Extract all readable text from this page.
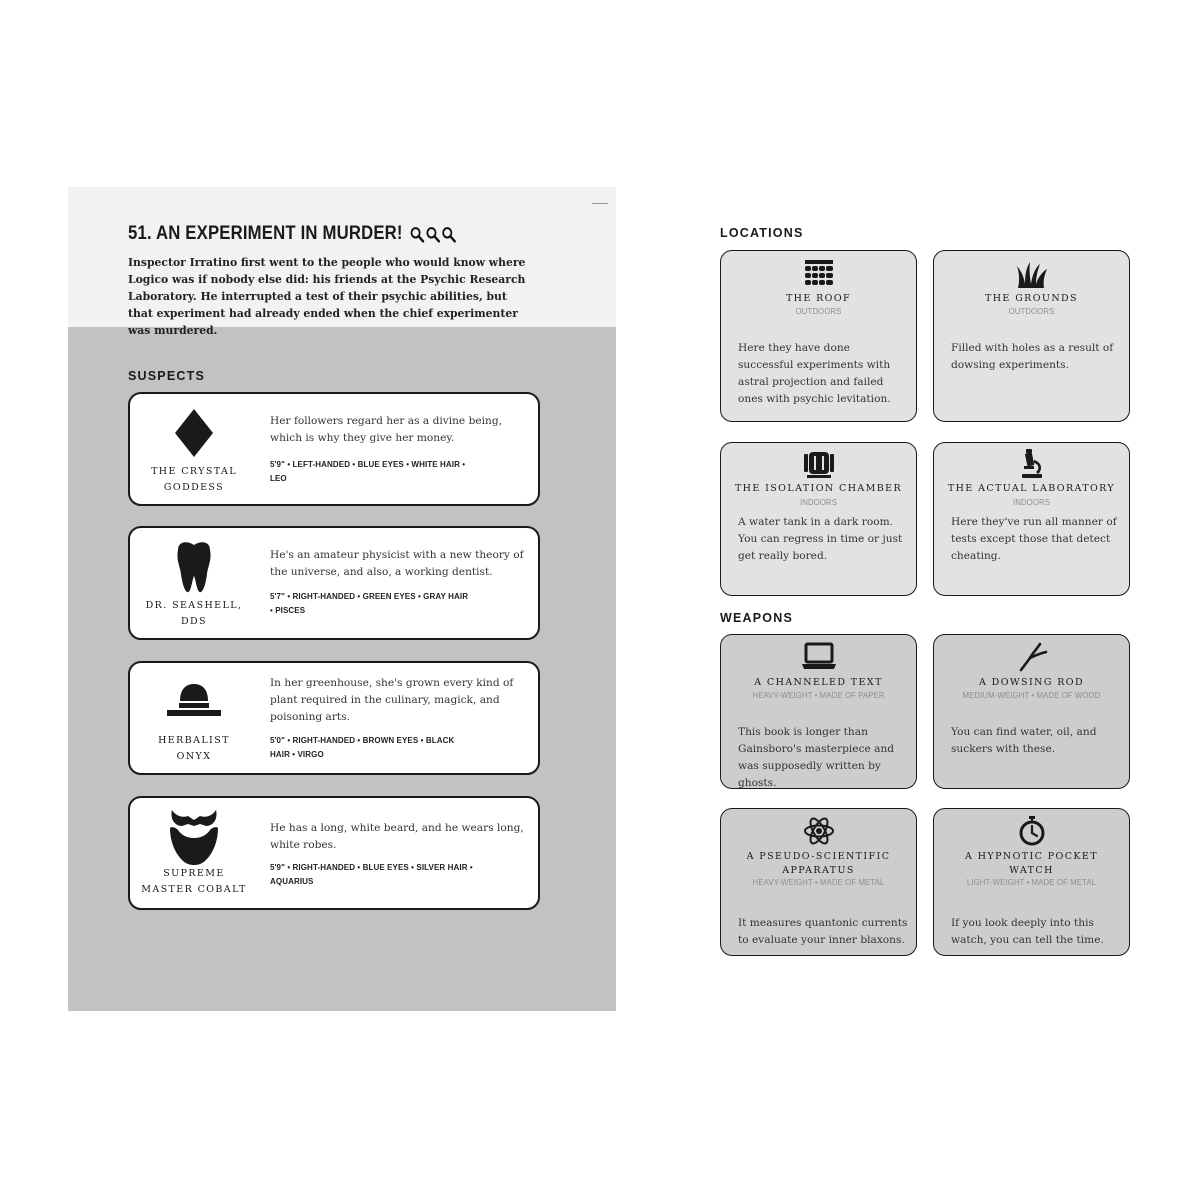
51. AN EXPERIMENT IN MURDER!

Inspector Irratino first went to the people who would know where Logico was if nobody else did: his friends at the Psychic Research Laboratory. He interrupted a test of their psychic abilities, but that experiment had already ended when the chief experimenter was murdered.

SUSPECTS
THE CRYSTAL
GODDESS

Her followers regard her as a divine being, which is why they give her money.

5'9" • LEFT-HANDED • BLUE EYES • WHITE HAIR •
LEO
DR. SEASHELL,
DDS

He's an amateur physicist with a new theory of the universe, and also, a working dentist.

5'7" • RIGHT-HANDED • GREEN EYES • GRAY HAIR
• PISCES
HERBALIST
ONYX

In her greenhouse, she's grown every kind of plant required in the culinary, magick, and poisoning arts.

5'0" • RIGHT-HANDED • BROWN EYES • BLACK
HAIR • VIRGO
SUPREME
MASTER COBALT

He has a long, white beard, and he wears long, white robes.

5'9" • RIGHT-HANDED • BLUE EYES • SILVER HAIR •
AQUARIUS
LOCATIONS

THE ROOF

OUTDOORS

Here they have done successful experiments with astral projection and failed ones with psychic levitation.

THE GROUNDS

OUTDOORS

Filled with holes as a result of dowsing experiments.

THE ISOLATION CHAMBER

INDOORS

A water tank in a dark room. You can regress in time or just get really bored.

THE ACTUAL LABORATORY

INDOORS

Here they've run all manner of tests except those that detect cheating.

WEAPONS

A CHANNELED TEXT

HEAVY-WEIGHT • MADE OF PAPER

This book is longer than Gainsboro's masterpiece and was supposedly written by ghosts.

A DOWSING ROD

MEDIUM-WEIGHT • MADE OF WOOD

You can find water, oil, and suckers with these.

A PSEUDO-SCIENTIFIC
APPARATUS

HEAVY-WEIGHT • MADE OF METAL

It measures quantonic currents to evaluate your inner blaxons.

A HYPNOTIC POCKET
WATCH

LIGHT-WEIGHT • MADE OF METAL

If you look deeply into this watch, you can tell the time.
